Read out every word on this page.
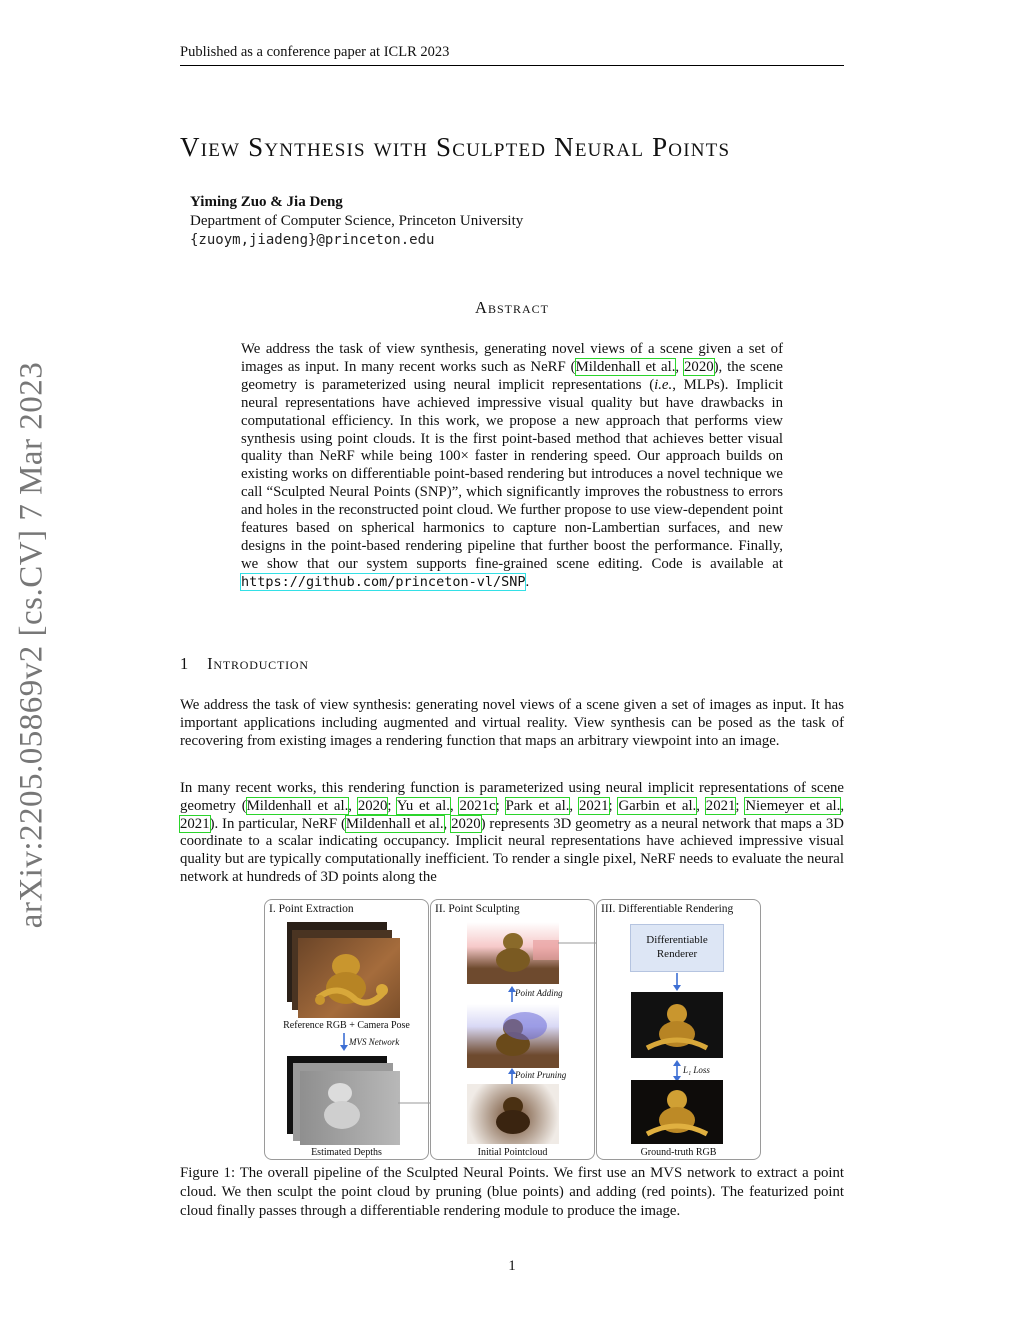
Published as a conference paper at ICLR 2023
View Synthesis with Sculpted Neural Points
Yiming Zuo & Jia Deng
Department of Computer Science, Princeton University
{zuoym,jiadeng}@princeton.edu
Abstract
We address the task of view synthesis, generating novel views of a scene given a set of images as input. In many recent works such as NeRF (Mildenhall et al., 2020), the scene geometry is parameterized using neural implicit representations (i.e., MLPs). Implicit neural representations have achieved impressive visual quality but have drawbacks in computational efficiency. In this work, we propose a new approach that performs view synthesis using point clouds. It is the first point-based method that achieves better visual quality than NeRF while being 100× faster in rendering speed. Our approach builds on existing works on differentiable point-based rendering but introduces a novel technique we call “Sculpted Neural Points (SNP)”, which significantly improves the robustness to errors and holes in the reconstructed point cloud. We further propose to use view-dependent point features based on spherical harmonics to capture non-Lambertian surfaces, and new designs in the point-based rendering pipeline that further boost the performance. Finally, we show that our system supports fine-grained scene editing. Code is available at https://github.com/princeton-vl/SNP.
1 Introduction
We address the task of view synthesis: generating novel views of a scene given a set of images as input. It has important applications including augmented and virtual reality. View synthesis can be posed as the task of recovering from existing images a rendering function that maps an arbitrary viewpoint into an image.
In many recent works, this rendering function is parameterized using neural implicit representations of scene geometry (Mildenhall et al., 2020; Yu et al., 2021c; Park et al., 2021; Garbin et al., 2021; Niemeyer et al., 2021). In particular, NeRF (Mildenhall et al., 2020) represents 3D geometry as a neural network that maps a 3D coordinate to a scalar indicating occupancy. Implicit neural representations have achieved impressive visual quality but are typically computationally inefficient. To render a single pixel, NeRF needs to evaluate the neural network at hundreds of 3D points along the
arXiv:2205.05869v2 [cs.CV] 7 Mar 2023	I. Point Extraction
Reference RGB + Camera Pose
MVS Network
Estimated Depths
II. Point Sculpting
Point Adding
Point Pruning
Initial Pointcloud
III. Differentiable Rendering
Differentiable
Renderer
L₁ Loss
Ground-truth RGB
Figure 1: The overall pipeline of the Sculpted Neural Points. We first use an MVS network to extract a point cloud. We then sculpt the point cloud by pruning (blue points) and adding (red points). The featurized point cloud finally passes through a differentiable rendering module to produce the image.
1
